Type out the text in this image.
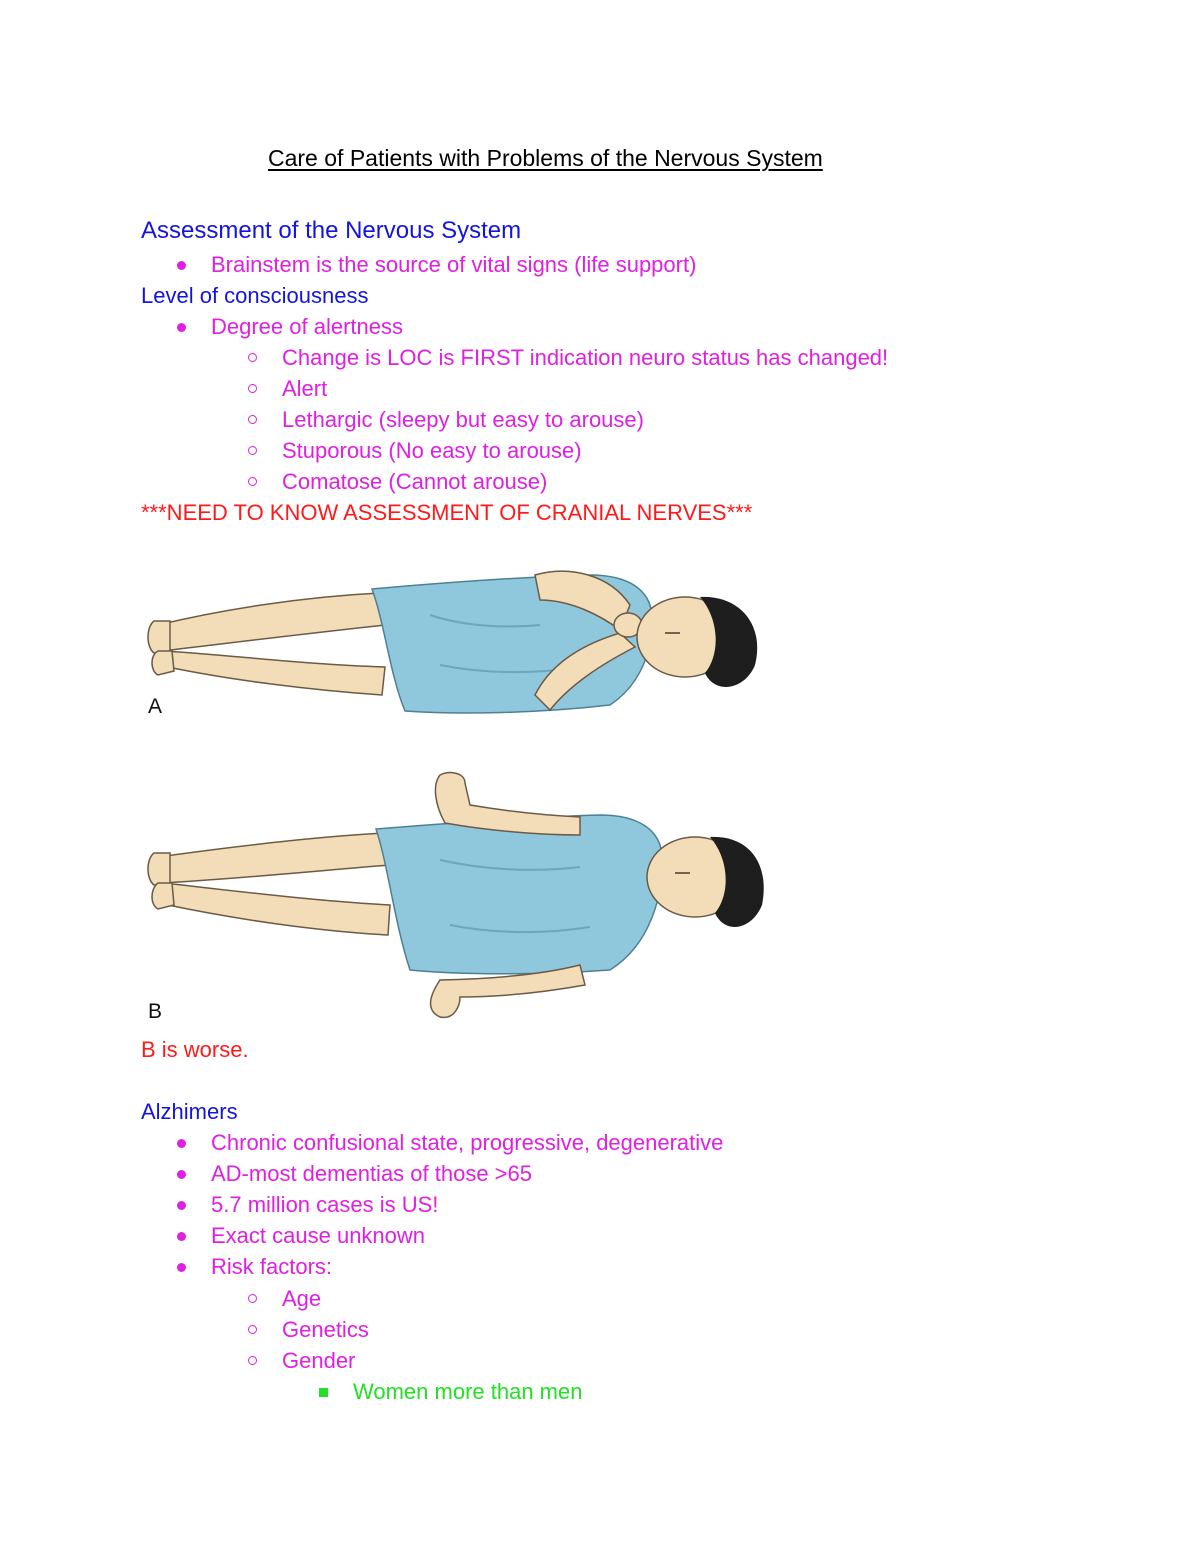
Care of Patients with Problems of the Nervous System
Assessment of the Nervous System
Brainstem is the source of vital signs (life support)
Level of consciousness
Degree of alertness
Change is LOC is FIRST indication neuro status has changed!
Alert
Lethargic (sleepy but easy to arouse)
Stuporous (No easy to arouse)
Comatose (Cannot arouse)
***NEED TO KNOW ASSESSMENT OF CRANIAL NERVES***
A
B
B is worse.
Alzhimers
Chronic confusional state, progressive, degenerative
AD-most dementias of those >65
5.7 million cases is US!
Exact cause unknown
Risk factors:
Age
Genetics
Gender
Women more than men
